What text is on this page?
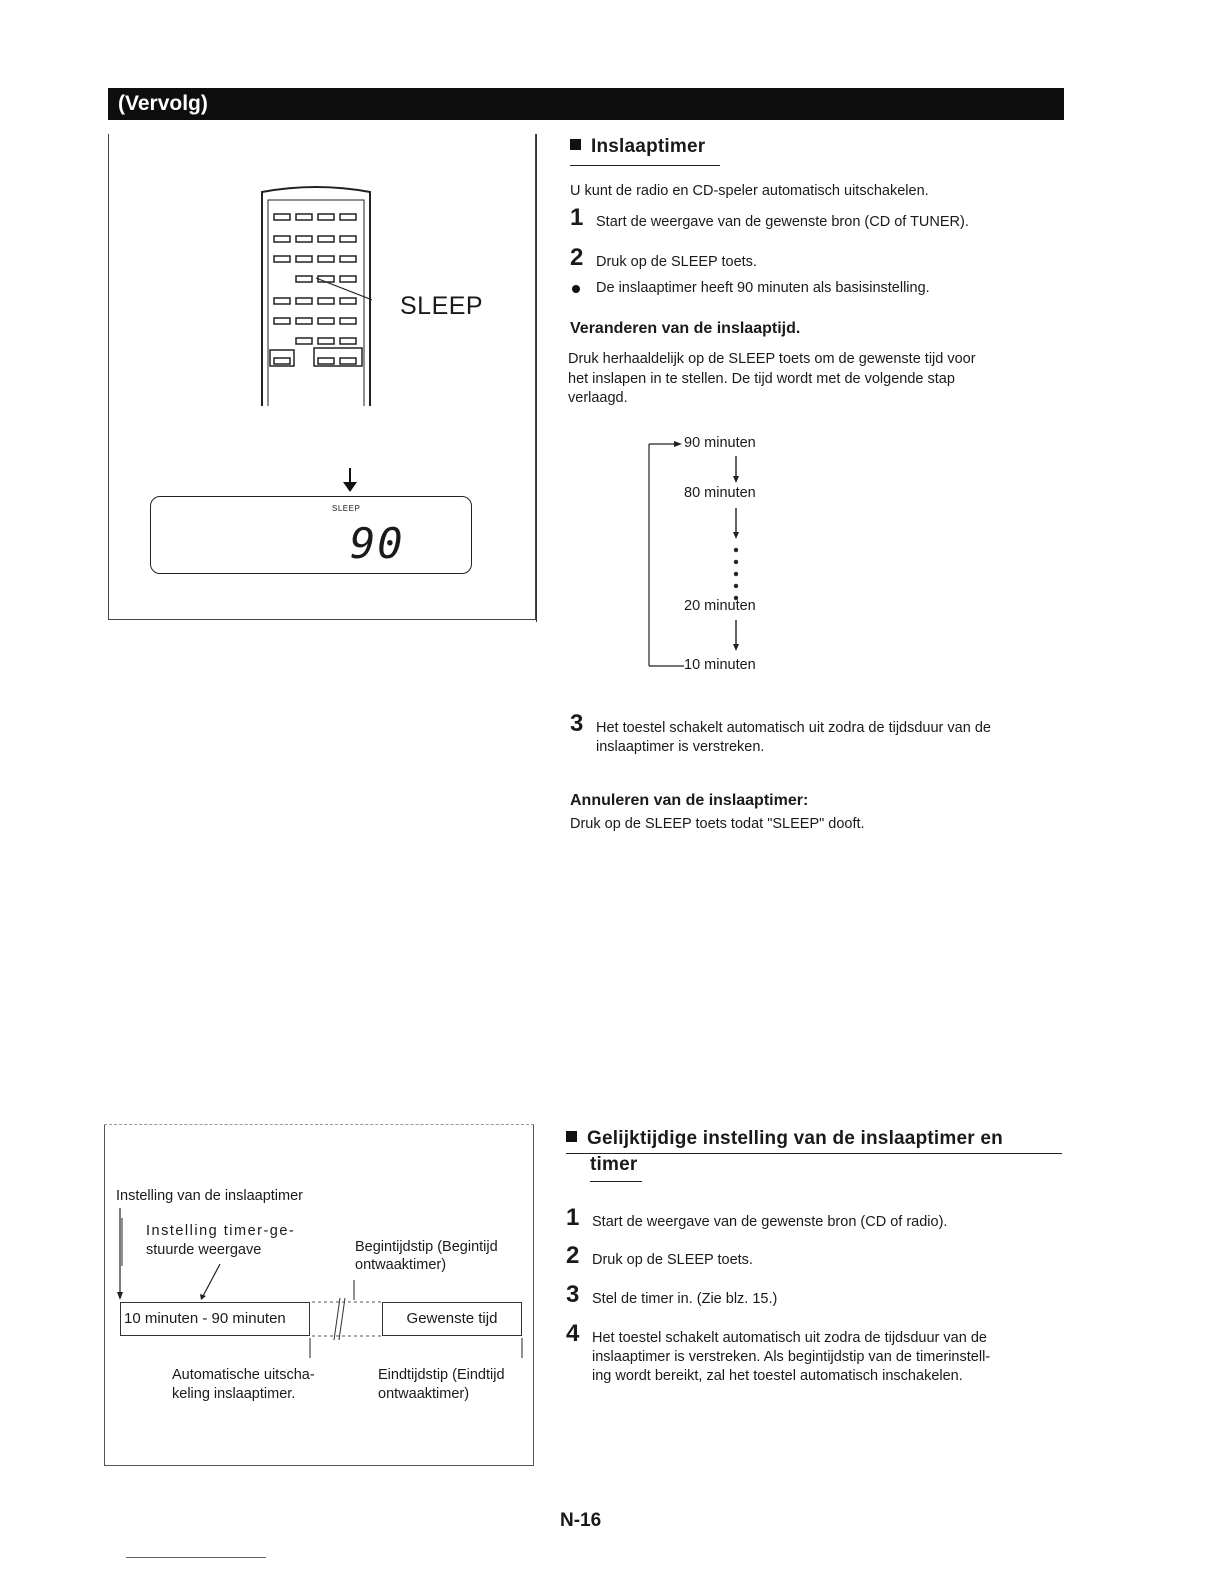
(Vervolg)
SLEEP
SLEEP
90
Inslaaptimer
U kunt de radio en CD-speler automatisch uitschakelen.
1 Start de weergave van de gewenste bron (CD of TUNER).
2 Druk op de SLEEP toets.
De inslaaptimer heeft 90 minuten als basisinstelling.
Veranderen van de inslaaptijd.
Druk herhaaldelijk op de SLEEP toets om de gewenste tijd voor
het inslapen in te stellen. De tijd wordt met de volgende stap
verlaagd.
90 minuten
80 minuten
20 minuten
10 minuten
3 Het toestel schakelt automatisch uit zodra de tijdsduur van de
inslaaptimer is verstreken.
Annuleren van de inslaaptimer:
Druk op de SLEEP toets todat "SLEEP" dooft.
Instelling van de inslaaptimer
Instelling timer-ge-
stuurde weergave	Begintijdstip (Begintijd
ontwaaktimer)
10 minuten - 90 minuten	Gewenste tijd
Automatische uitscha-
keling inslaaptimer.
Eindtijdstip (Eindtijd
ontwaaktimer)
Gelijktijdige instelling van de inslaaptimer en
timer
1 Start de weergave van de gewenste bron (CD of radio).
2 Druk op de SLEEP toets.
3 Stel de timer in. (Zie blz. 15.)
4 Het toestel schakelt automatisch uit zodra de tijdsduur van de
inslaaptimer is verstreken. Als begintijdstip van de timerinstell-
ing wordt bereikt, zal het toestel automatisch inschakelen.
N-16
